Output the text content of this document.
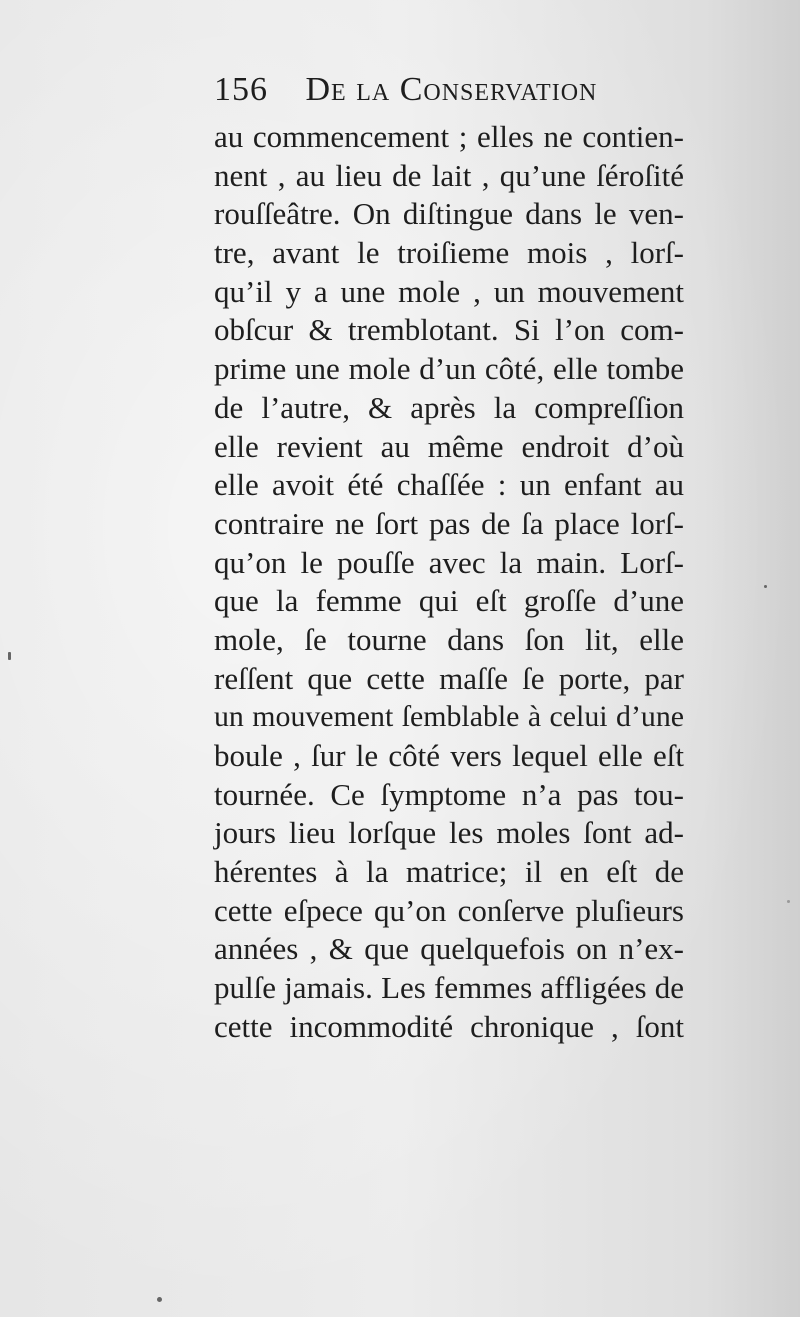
156 De la Conservation
au commencement ; elles ne contien-
nent , au lieu de lait , qu’une ſéroſité
rouſſeâtre. On diſtingue dans le ven-
tre, avant le troiſieme mois , lorſ-
qu’il y a une mole , un mouvement
obſcur & tremblotant. Si l’on com-
prime une mole d’un côté, elle tombe
de l’autre, & après la compreſſion
elle revient au même endroit d’où
elle avoit été chaſſée : un enfant au
contraire ne ſort pas de ſa place lorſ-
qu’on le pouſſe avec la main. Lorſ-
que la femme qui eſt groſſe d’une
mole, ſe tourne dans ſon lit, elle
reſſent que cette maſſe ſe porte, par
un mouvement ſemblable à celui d’une
boule , ſur le côté vers lequel elle eſt
tournée. Ce ſymptome n’a pas tou-
jours lieu lorſque les moles ſont ad-
hérentes à la matrice; il en eſt de
cette eſpece qu’on conſerve pluſieurs
années , & que quelquefois on n’ex-
pulſe jamais. Les femmes affligées de
cette incommodité chronique , ſont
